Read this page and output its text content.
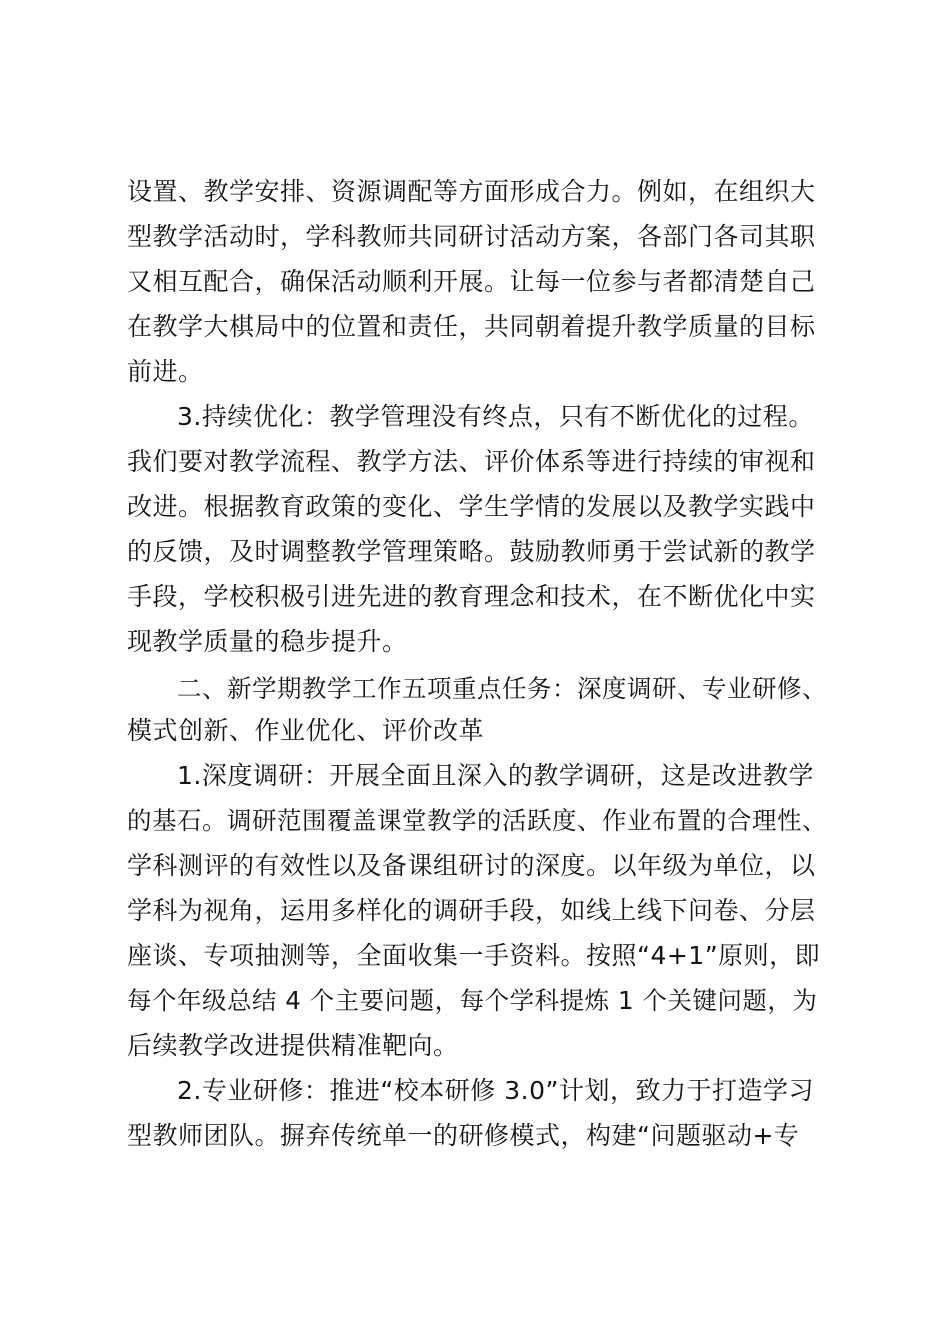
设置、教学安排、资源调配等方面形成合力。例如，在组织大

型教学活动时，学科教师共同研讨活动方案，各部门各司其职

又相互配合，确保活动顺利开展。让每一位参与者都清楚自己

在教学大棋局中的位置和责任，共同朝着提升教学质量的目标

前进。

3.持续优化：教学管理没有终点，只有不断优化的过程。

我们要对教学流程、教学方法、评价体系等进行持续的审视和

改进。根据教育政策的变化、学生学情的发展以及教学实践中

的反馈，及时调整教学管理策略。鼓励教师勇于尝试新的教学

手段，学校积极引进先进的教育理念和技术，在不断优化中实

现教学质量的稳步提升。

二、新学期教学工作五项重点任务：深度调研、专业研修、

模式创新、作业优化、评价改革

1.深度调研：开展全面且深入的教学调研，这是改进教学

的基石。调研范围覆盖课堂教学的活跃度、作业布置的合理性、

学科测评的有效性以及备课组研讨的深度。以年级为单位，以

学科为视角，运用多样化的调研手段，如线上线下问卷、分层

座谈、专项抽测等，全面收集一手资料。按照“4+1”原则，即

每个年级总结 4 个主要问题，每个学科提炼 1 个关键问题，为

后续教学改进提供精准靶向。

2.专业研修：推进“校本研修 3.0”计划，致力于打造学习

型教师团队。摒弃传统单一的研修模式，构建“问题驱动+专
